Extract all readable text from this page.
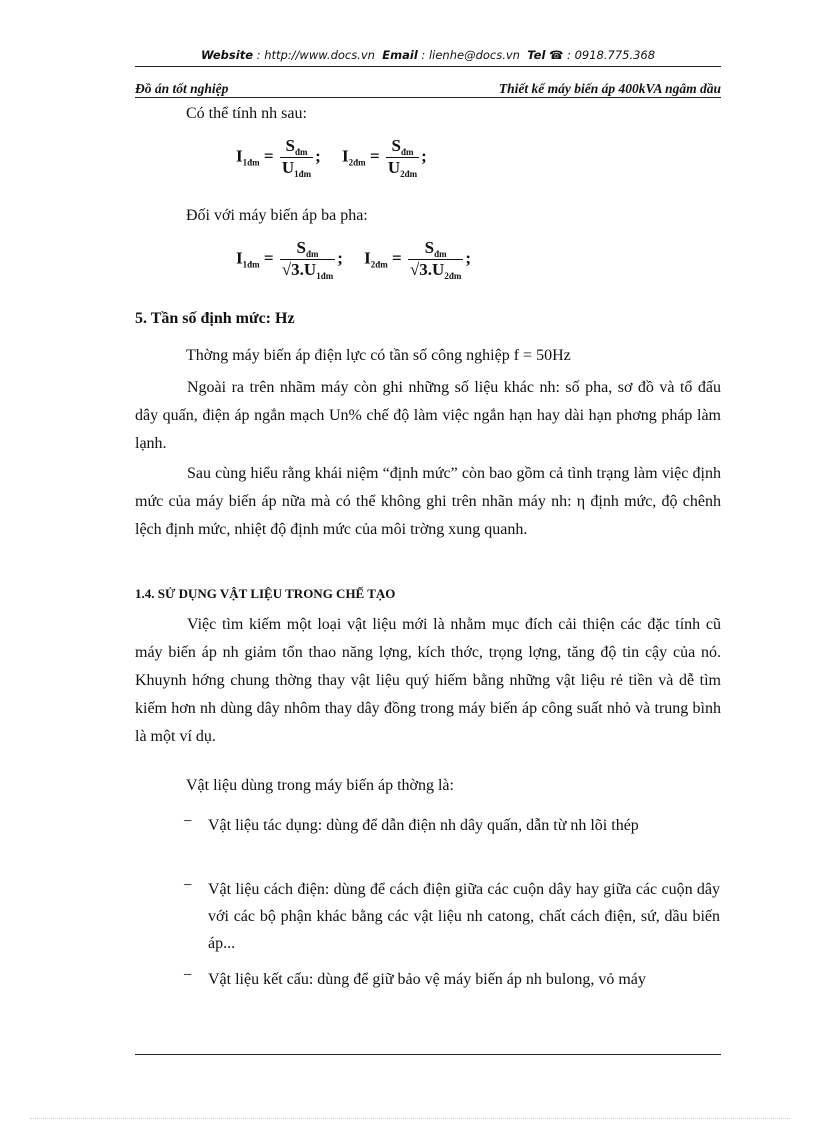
Website : http://www.docs.vn Email : lienhe@docs.vn Tel ☎ : 0918.775.368
Đồ án tốt nghiệp	Thiết kế máy biến áp 400kVA ngâm dầu
Có thể tính nh sau:
$I_{1đm} = \frac{S_{đm}}{U_{1đm}}$ ;     $I_{2đm} = \frac{S_{đm}}{U_{2đm}}$ ;
Đối với máy biến áp ba pha:
$I_{1đm} = \frac{S_{đm}}{√3.U_{1đm}}$ ;     $I_{2đm} = \frac{S_{đm}}{√3.U_{2đm}}$ ;
5. Tần số định mức: Hz
Thờng máy biến áp điện lực có tần số công nghiệp f = 50Hz
Ngoài ra trên nhãm máy còn ghi những số liệu khác nh: số pha, sơ đồ và tổ đấu dây quấn, điện áp ngắn mạch Un% chế độ làm việc ngắn hạn hay dài hạn phơng pháp làm lạnh.
Sau cùng hiểu rằng khái niệm “định mức” còn bao gồm cả tình trạng làm việc định mức của máy biến áp nữa mà có thể không ghi trên nhãn máy nh: η định mức, độ chênh lệch định mức, nhiệt độ định mức của môi trờng xung quanh.
1.4. SỬ DỤNG VẬT LIỆU TRONG CHẾ TẠO
Việc tìm kiếm một loại vật liệu mới là nhằm mục đích cải thiện các đặc tính cũ máy biến áp nh giảm tổn thao năng lợng, kích thớc, trọng lợng, tăng độ tin cậy của nó. Khuynh hớng chung thờng thay vật liệu quý hiếm bằng những vật liệu rẻ tiền và dễ tìm kiếm hơn nh dùng dây nhôm thay dây đồng trong máy biến áp công suất nhỏ và trung bình là một ví dụ.
Vật liệu dùng trong máy biến áp thờng là:
− Vật liệu tác dụng: dùng để dẫn điện nh dây quấn, dẫn từ nh lõi thép
− Vật liệu cách điện: dùng để cách điện giữa các cuộn dây hay giữa các cuộn dây với các bộ phận khác bằng các vật liệu nh catong, chất cách điện, sứ, dầu biến áp...
− Vật liệu kết cấu: dùng để giữ bảo vệ máy biến áp nh bulong, vỏ máy
